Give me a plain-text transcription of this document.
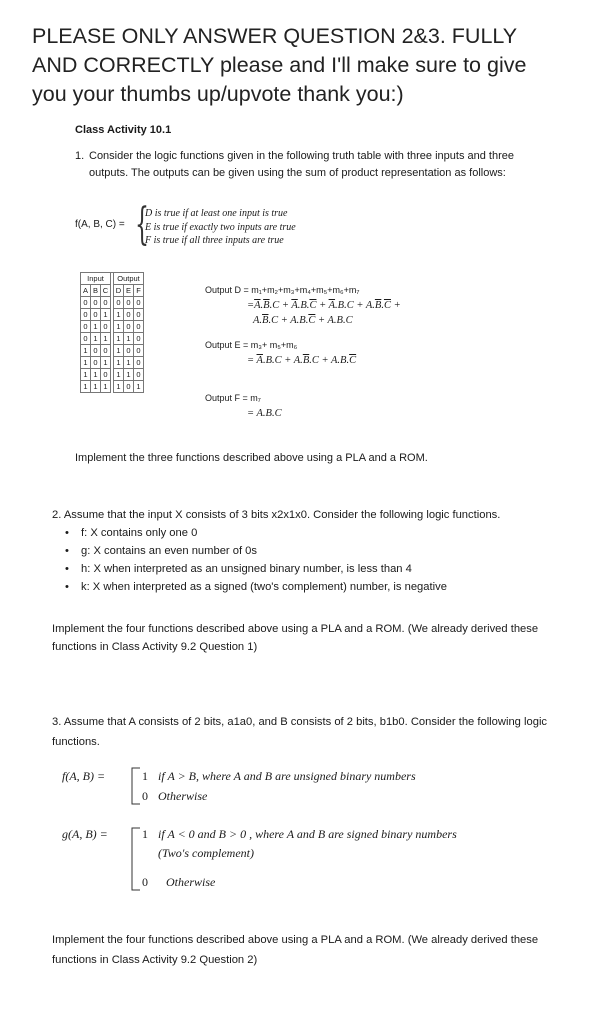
PLEASE ONLY ANSWER QUESTION 2&3. FULLY
AND CORRECTLY please and I'll make sure to give
you your thumbs up/upvote thank you:)
Class Activity 10.1
1. Consider the logic functions given in the following truth table with three inputs and three outputs. The outputs can be given using the sum of product representation as follows:
f(A, B, C) = {
D is true if at least one input is true
E is true if exactly two inputs are true
F is true if all three inputs are true
Input				Output		
A	B	C		D	E	F
0	0	0		0	0	0
0	0	1		1	0	0
0	1	0		1	0	0
0	1	1		1	1	0
1	0	0		1	0	0
1	0	1		1	1	0
1	1	0		1	1	0
1	1	1		1	0	1
Output D = m₁+m₂+m₃+m₄+m₅+m₆+m₇
$=\overline{A}.\overline{B}.C + \overline{A}.B.\overline{C} + \overline{A}.B.C + A.\overline{B}.\overline{C}$ +
$A.\overline{B}.C + A.B.\overline{C} + A.B.C$
Output E = m₃+ m₅+m₆
= $\overline{A}.B.C + A.\overline{B}.C + A.B.\overline{C}$
Output F = m₇
= A.B.C
Implement the three functions described above using a PLA and a ROM.
2. Assume that the input X consists of 3 bits x2x1x0. Consider the following logic functions.
• f: X contains only one 0
• g: X contains an even number of 0s
• h: X when interpreted as an unsigned binary number, is less than 4
• k: X when interpreted as a signed (two's complement) number, is negative
Implement the four functions described above using a PLA and a ROM. (We already derived these functions in Class Activity 9.2 Question 1)
3. Assume that A consists of 2 bits, a1a0, and B consists of 2 bits, b1b0. Consider the following logic functions.
f(A, B) =	1 if A > B, where A and B are unsigned binary numbers
0 Otherwise
g(A, B) =	1 if A < 0 and B > 0 , where A and B are signed binary numbers
(Two's complement)
0 Otherwise
Implement the four functions described above using a PLA and a ROM. (We already derived these functions in Class Activity 9.2 Question 2)
